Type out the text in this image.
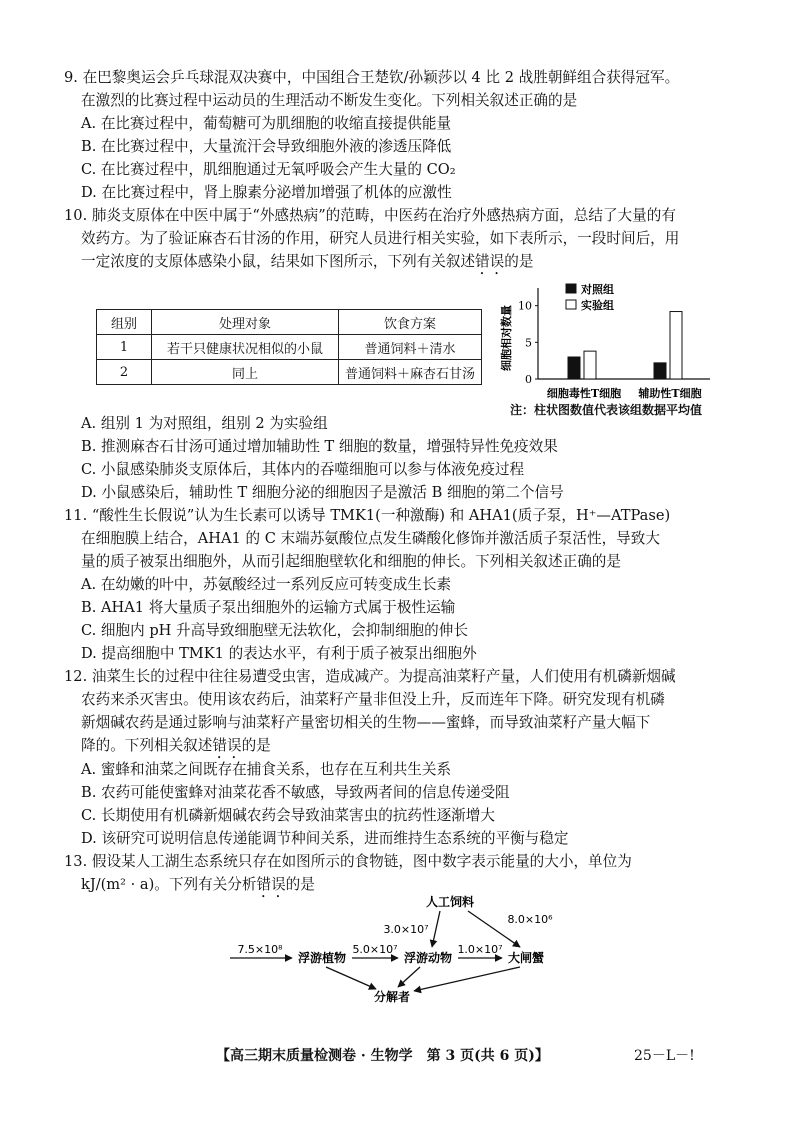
9. 在巴黎奥运会乒乓球混双决赛中，中国组合王楚钦/孙颖莎以 4 比 2 战胜朝鲜组合获得冠军。
在激烈的比赛过程中运动员的生理活动不断发生变化。下列相关叙述正确的是
A. 在比赛过程中，葡萄糖可为肌细胞的收缩直接提供能量
B. 在比赛过程中，大量流汗会导致细胞外液的渗透压降低
C. 在比赛过程中，肌细胞通过无氧呼吸会产生大量的 CO₂
D. 在比赛过程中，肾上腺素分泌增加增强了机体的应激性
10. 肺炎支原体在中医中属于“外感热病”的范畴，中医药在治疗外感热病方面，总结了大量的有
效药方。为了验证麻杏石甘汤的作用，研究人员进行相关实验，如下表所示，一段时间后，用
一定浓度的支原体感染小鼠，结果如下图所示，下列有关叙述错误的是
组别	处理对象	饮食方案
1	若干只健康状况相似的小鼠	普通饲料＋清水
2	同上	普通饲料＋麻杏石甘汤
细胞相对数量
0
5
10
细胞毒性T细胞 辅助性T细胞
对照组
实验组
注：柱状图数值代表该组数据平均值
A. 组别 1 为对照组，组别 2 为实验组
B. 推测麻杏石甘汤可通过增加辅助性 T 细胞的数量，增强特异性免疫效果
C. 小鼠感染肺炎支原体后，其体内的吞噬细胞可以参与体液免疫过程
D. 小鼠感染后，辅助性 T 细胞分泌的细胞因子是激活 B 细胞的第二个信号
11. “酸性生长假说”认为生长素可以诱导 TMK1(一种激酶) 和 AHA1(质子泵，H⁺—ATPase)
在细胞膜上结合，AHA1 的 C 末端苏氨酸位点发生磷酸化修饰并激活质子泵活性，导致大
量的质子被泵出细胞外，从而引起细胞壁软化和细胞的伸长。下列相关叙述正确的是
A. 在幼嫩的叶中，苏氨酸经过一系列反应可转变成生长素
B. AHA1 将大量质子泵出细胞外的运输方式属于极性运输
C. 细胞内 pH 升高导致细胞壁无法软化，会抑制细胞的伸长
D. 提高细胞中 TMK1 的表达水平，有利于质子被泵出细胞外
12. 油菜生长的过程中往往易遭受虫害，造成减产。为提高油菜籽产量，人们使用有机磷新烟碱
农药来杀灭害虫。使用该农药后，油菜籽产量非但没上升，反而连年下降。研究发现有机磷
新烟碱农药是通过影响与油菜籽产量密切相关的生物——蜜蜂，而导致油菜籽产量大幅下
降的。下列相关叙述错误的是
A. 蜜蜂和油菜之间既存在捕食关系，也存在互利共生关系
B. 农药可能使蜜蜂对油菜花香不敏感，导致两者间的信息传递受阻
C. 长期使用有机磷新烟碱农药会导致油菜害虫的抗药性逐渐增大
D. 该研究可说明信息传递能调节种间关系，进而维持生态系统的平衡与稳定
13. 假设某人工湖生态系统只存在如图所示的食物链，图中数字表示能量的大小，单位为
kJ/(m² · a)。下列有关分析错误的是
人工饲料
浮游植物	浮游动物	大闸蟹
分解者
7.5×10⁸	5.0×10⁷
3.0×10⁷
1.0×10⁷
8.0×10⁶
【高三期末质量检测卷 · 生物学　第 3 页(共 6 页)】	25－L－!
